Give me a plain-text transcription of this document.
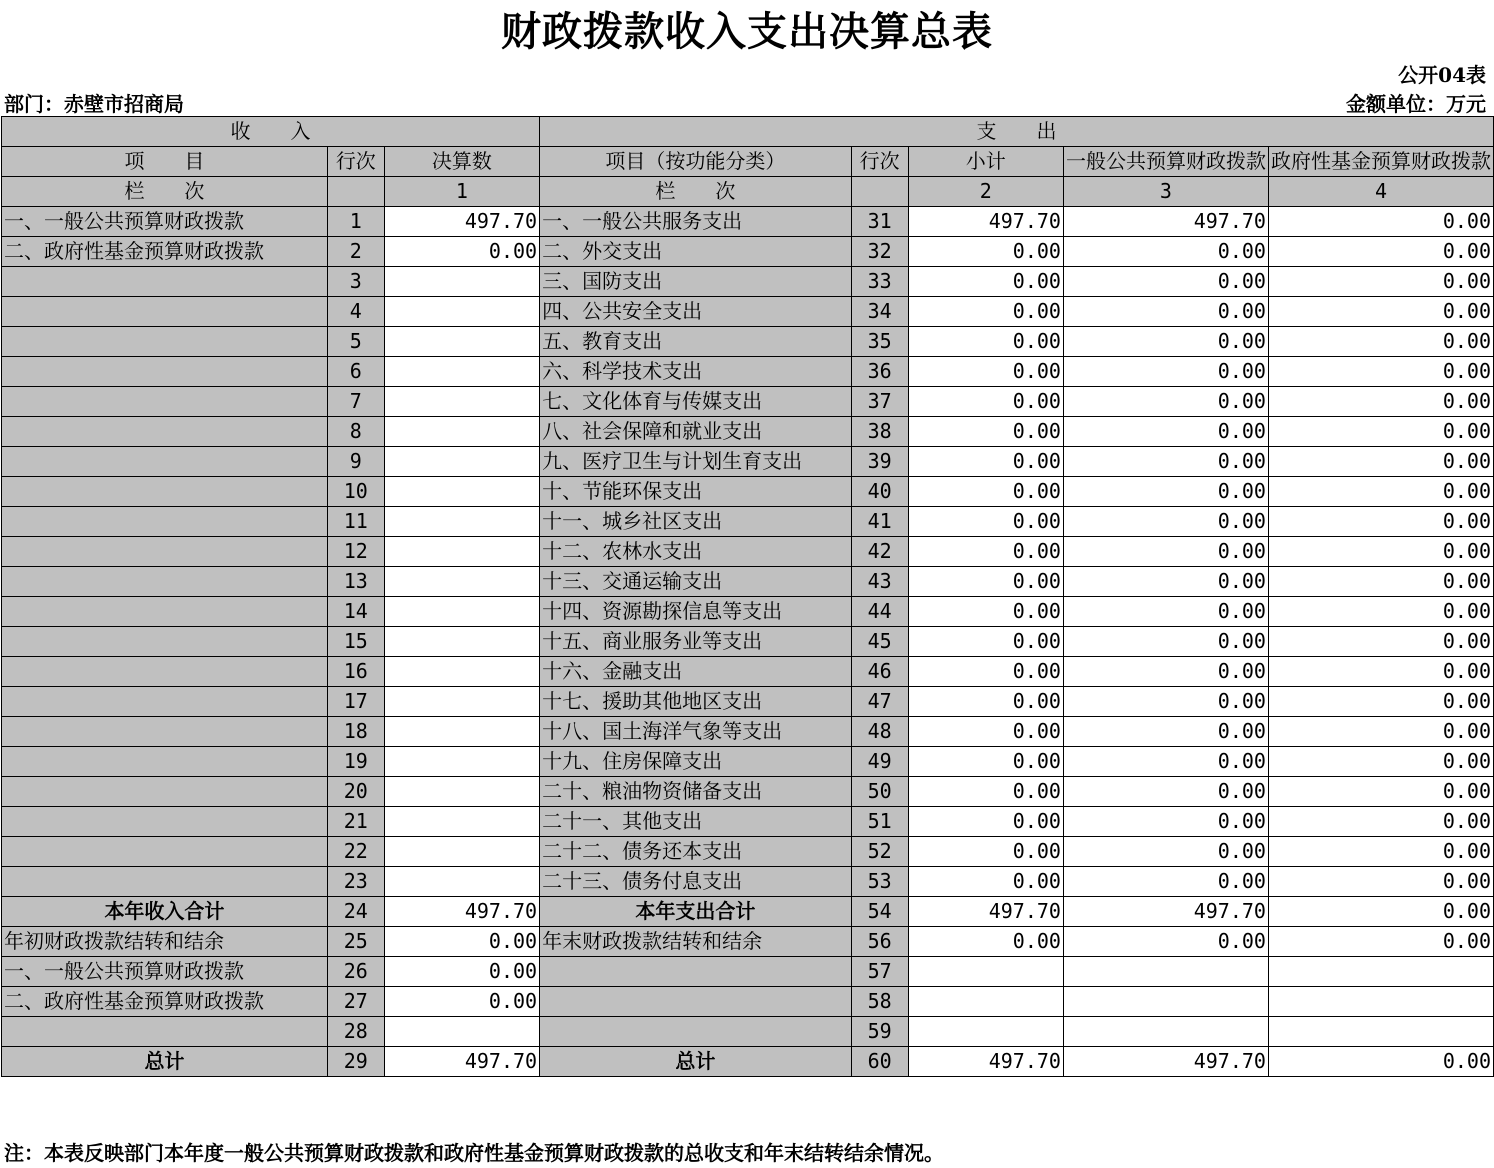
财政拨款收入支出决算总表
公开04表
部门：赤壁市招商局	金额单位：万元
收　　入			支　　出				
项　　目	行次	决算数	项目（按功能分类）	行次	小计	一般公共预算财政拨款	政府性基金预算财政拨款
栏　　次		1	栏　　次		2	3	4
一、一般公共预算财政拨款	1	497.70	一、一般公共服务支出	31	497.70	497.70	0.00
二、政府性基金预算财政拨款	2	0.00	二、外交支出	32	0.00	0.00	0.00
	3		三、国防支出	33	0.00	0.00	0.00
	4		四、公共安全支出	34	0.00	0.00	0.00
	5		五、教育支出	35	0.00	0.00	0.00
	6		六、科学技术支出	36	0.00	0.00	0.00
	7		七、文化体育与传媒支出	37	0.00	0.00	0.00
	8		八、社会保障和就业支出	38	0.00	0.00	0.00
	9		九、医疗卫生与计划生育支出	39	0.00	0.00	0.00
	10		十、节能环保支出	40	0.00	0.00	0.00
	11		十一、城乡社区支出	41	0.00	0.00	0.00
	12		十二、农林水支出	42	0.00	0.00	0.00
	13		十三、交通运输支出	43	0.00	0.00	0.00
	14		十四、资源勘探信息等支出	44	0.00	0.00	0.00
	15		十五、商业服务业等支出	45	0.00	0.00	0.00
	16		十六、金融支出	46	0.00	0.00	0.00
	17		十七、援助其他地区支出	47	0.00	0.00	0.00
	18		十八、国土海洋气象等支出	48	0.00	0.00	0.00
	19		十九、住房保障支出	49	0.00	0.00	0.00
	20		二十、粮油物资储备支出	50	0.00	0.00	0.00
	21		二十一、其他支出	51	0.00	0.00	0.00
	22		二十二、债务还本支出	52	0.00	0.00	0.00
	23		二十三、债务付息支出	53	0.00	0.00	0.00
本年收入合计	24	497.70	本年支出合计	54	497.70	497.70	0.00
年初财政拨款结转和结余	25	0.00	年末财政拨款结转和结余	56	0.00	0.00	0.00
一、一般公共预算财政拨款	26	0.00		57			
二、政府性基金预算财政拨款	27	0.00		58			
	28			59			
总计	29	497.70	总计	60	497.70	497.70	0.00
注：本表反映部门本年度一般公共预算财政拨款和政府性基金预算财政拨款的总收支和年末结转结余情况。
